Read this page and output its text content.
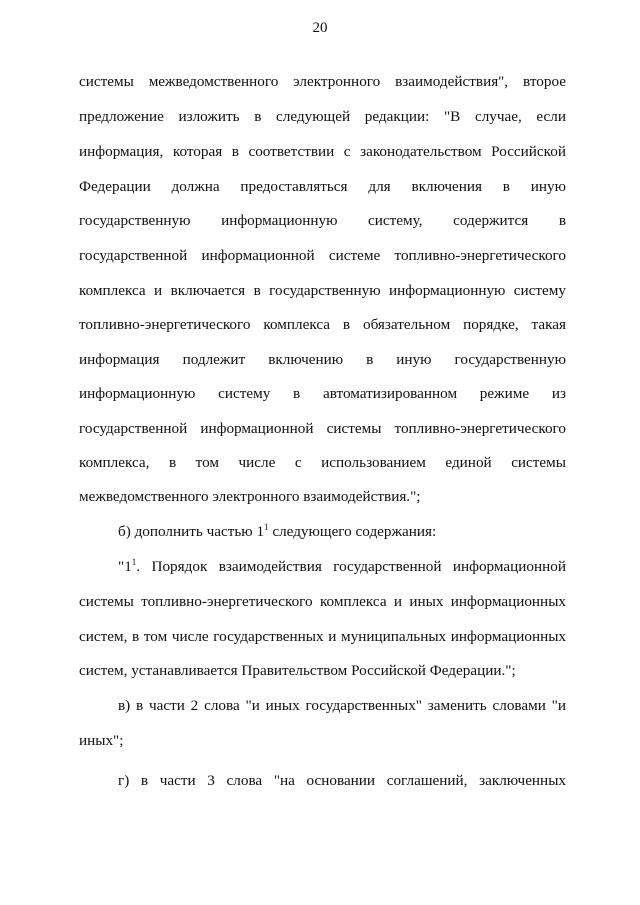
20
системы межведомственного электронного взаимодействия", второе
предложение изложить в следующей редакции: "В случае, если
информация, которая в соответствии с законодательством Российской
Федерации должна предоставляться для включения в иную
государственную информационную систему, содержится в
государственной информационной системе топливно-энергетического
комплекса и включается в государственную информационную систему
топливно-энергетического комплекса в обязательном порядке, такая
информация подлежит включению в иную государственную
информационную систему в автоматизированном режиме из
государственной информационной системы топливно-энергетического
комплекса, в том числе с использованием единой системы
межведомственного электронного взаимодействия.";
б) дополнить частью $1^1$ следующего содержания:
"$1^1$. Порядок взаимодействия государственной информационной
системы топливно-энергетического комплекса и иных информационных
систем, в том числе государственных и муниципальных информационных
систем, устанавливается Правительством Российской Федерации.";
в) в части 2 слова "и иных государственных" заменить словами "и
иных";
г) в части 3 слова "на основании соглашений, заключенных
